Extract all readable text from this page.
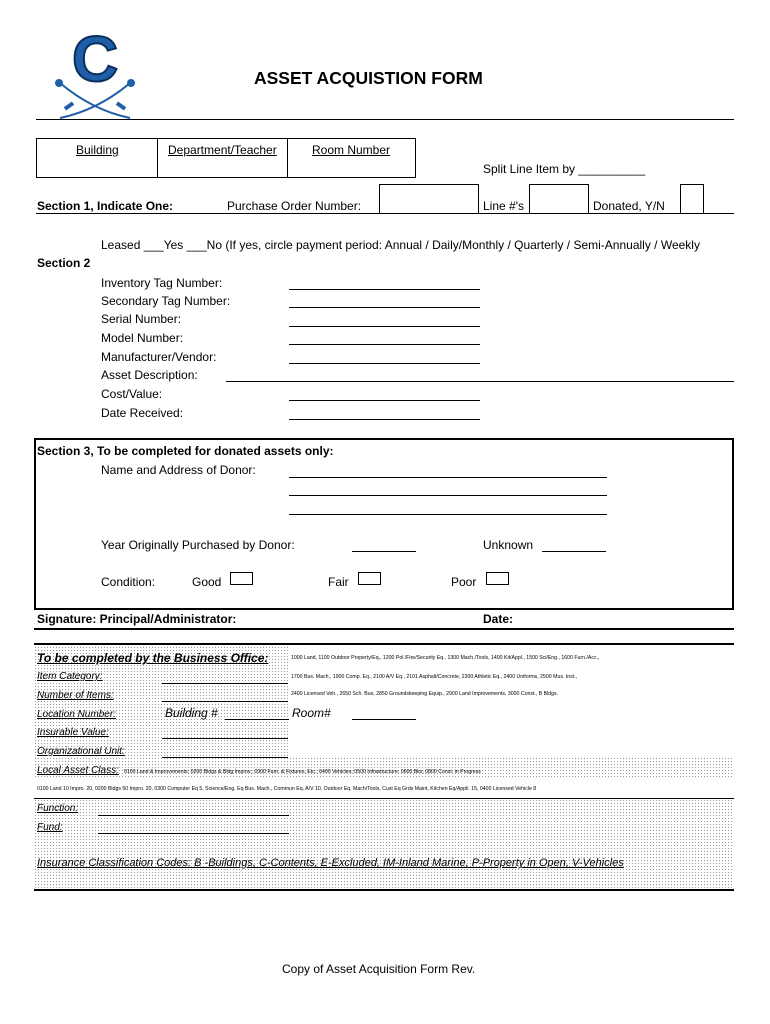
C	ASSET ACQUISTION FORM
Building	Department/Teacher	Room Number
Split Line Item by __________
Section 1, Indicate One:	Purchase Order Number:	Line #'s	Donated, Y/N
Leased ___Yes ___No (If yes, circle payment period: Annual / Daily/Monthly / Quarterly / Semi-Annually / Weekly
Section 2
Inventory Tag Number:
Secondary Tag Number:
Serial Number:
Model Number:
Manufacturer/Vendor:
Asset Description:
Cost/Value:
Date Received:
Section 3, To be completed for donated assets only:
Name and Address of Donor:
Year Originally Purchased by Donor:	Unknown
Condition:	Good	Fair	Poor
Signature: Principal/Administrator:	Date:
To be completed by the Business Office:	1000 Land, 1100 Outdoor Property/Eq., 1200 Pol./Fire/Security Eq., 1300 Mach./Tools, 1400 Kit/Appl., 1500 Sci/Eng., 1600 Furn./Acc.,
1700 Bus. Mach., 1900 Comp. Eq., 2100 A/V Eq., 2101 Asphalt/Concrete, 2300 Athletic Eq., 2400 Uniforms, 2500 Mus. Inst.,
2400 Licensed Veh., 2650 Sch. Bus, 2850 Groundskeeping Equip., 2900 Land Improvements, 3000 Const., B Bldgs.
Item Category:
Number of Items:
Location Number:	Building #	Room#
Insurable Value:
Organizational Unit:
Local Asset Class: 0100 Land & Improvements; 0200 Bldgs & Bldg Improv.; 0300 Furn. & Fixtures, Etc.; 0400 Vehicles; 0500 Infrastructure; 0600 Bks; 0800 Const. in Progress
0100 Land 10 Impro. 20, 0200 Bldgs 50 Impro. 20, 0300 Computer Eq 5, Science/Eng. Eq Bus. Mach., Commun Eq. A/V 10, Outdoor Eq. Mach/Tools, Cust Eq Grds Maint, Kitchen Eq/Appli. 15, 0400 Licensed Vehicle 8
Function:
Fund:
Insurance Classification Codes: B -Buildings, C-Contents, E-Excluded, IM-Inland Marine, P-Property in Open, V-Vehicles
Copy of Asset Acquisition Form Rev.
